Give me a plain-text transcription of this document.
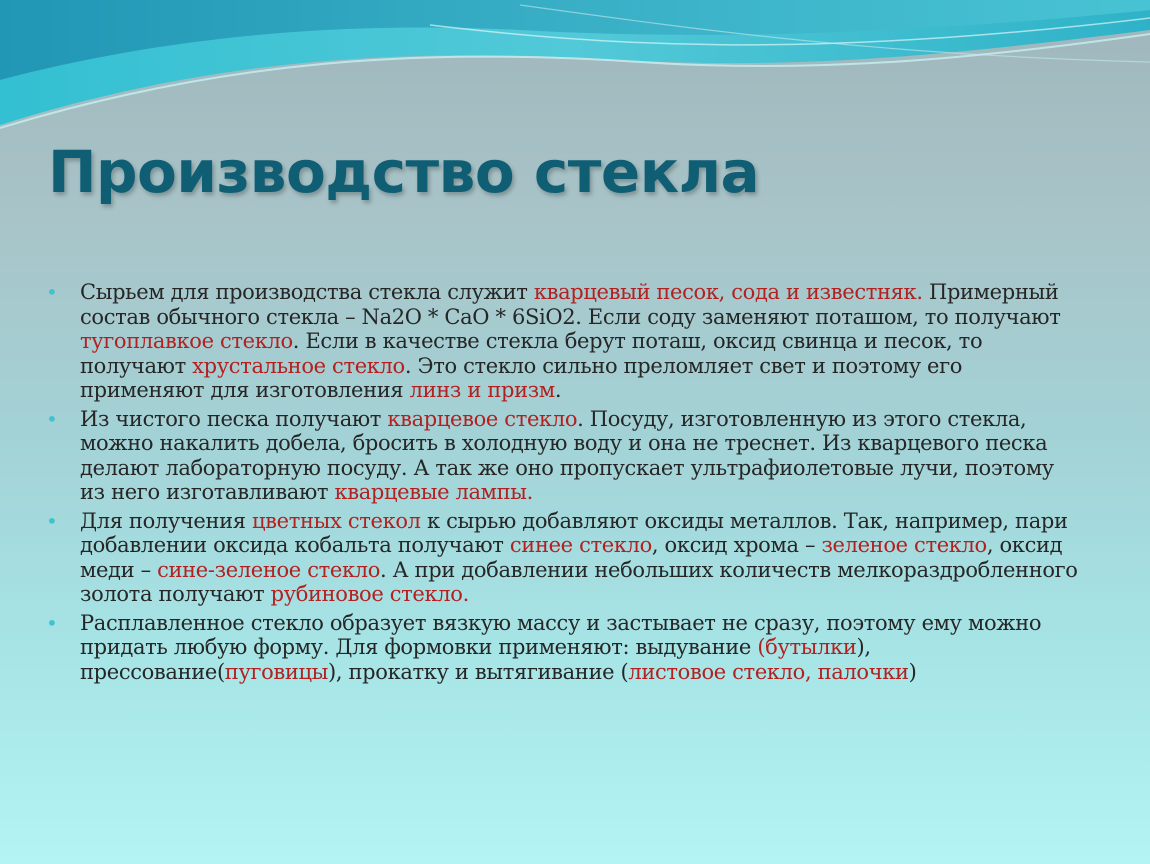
Производство стекла
• Сырьем для производства стекла служит кварцевый песок, сода и известняк. Примерный состав обычного стекла – Na2O * CaO * 6SiO2. Если соду заменяют поташом, то получают тугоплавкое стекло. Если в качестве стекла берут поташ, оксид свинца и песок, то получают хрустальное стекло. Это стекло сильно преломляет свет и поэтому его применяют для изготовления линз и призм.
• Из чистого песка получают кварцевое стекло. Посуду, изготовленную из этого стекла, можно накалить добела, бросить в холодную воду и она не треснет. Из кварцевого песка делают лабораторную посуду. А так же оно пропускает ультрафиолетовые лучи, поэтому из него изготавливают кварцевые лампы.
• Для получения цветных стекол к сырью добавляют оксиды металлов. Так, например, пари добавлении оксида кобальта получают синее стекло, оксид хрома – зеленое стекло, оксид меди – сине-зеленое стекло. А при добавлении небольших количеств мелкораздробленного золота получают рубиновое стекло.
• Расплавленное стекло образует вязкую массу и застывает не сразу, поэтому ему можно придать любую форму. Для формовки применяют: выдувание (бутылки), прессование(пуговицы), прокатку и вытягивание (листовое стекло, палочки)
